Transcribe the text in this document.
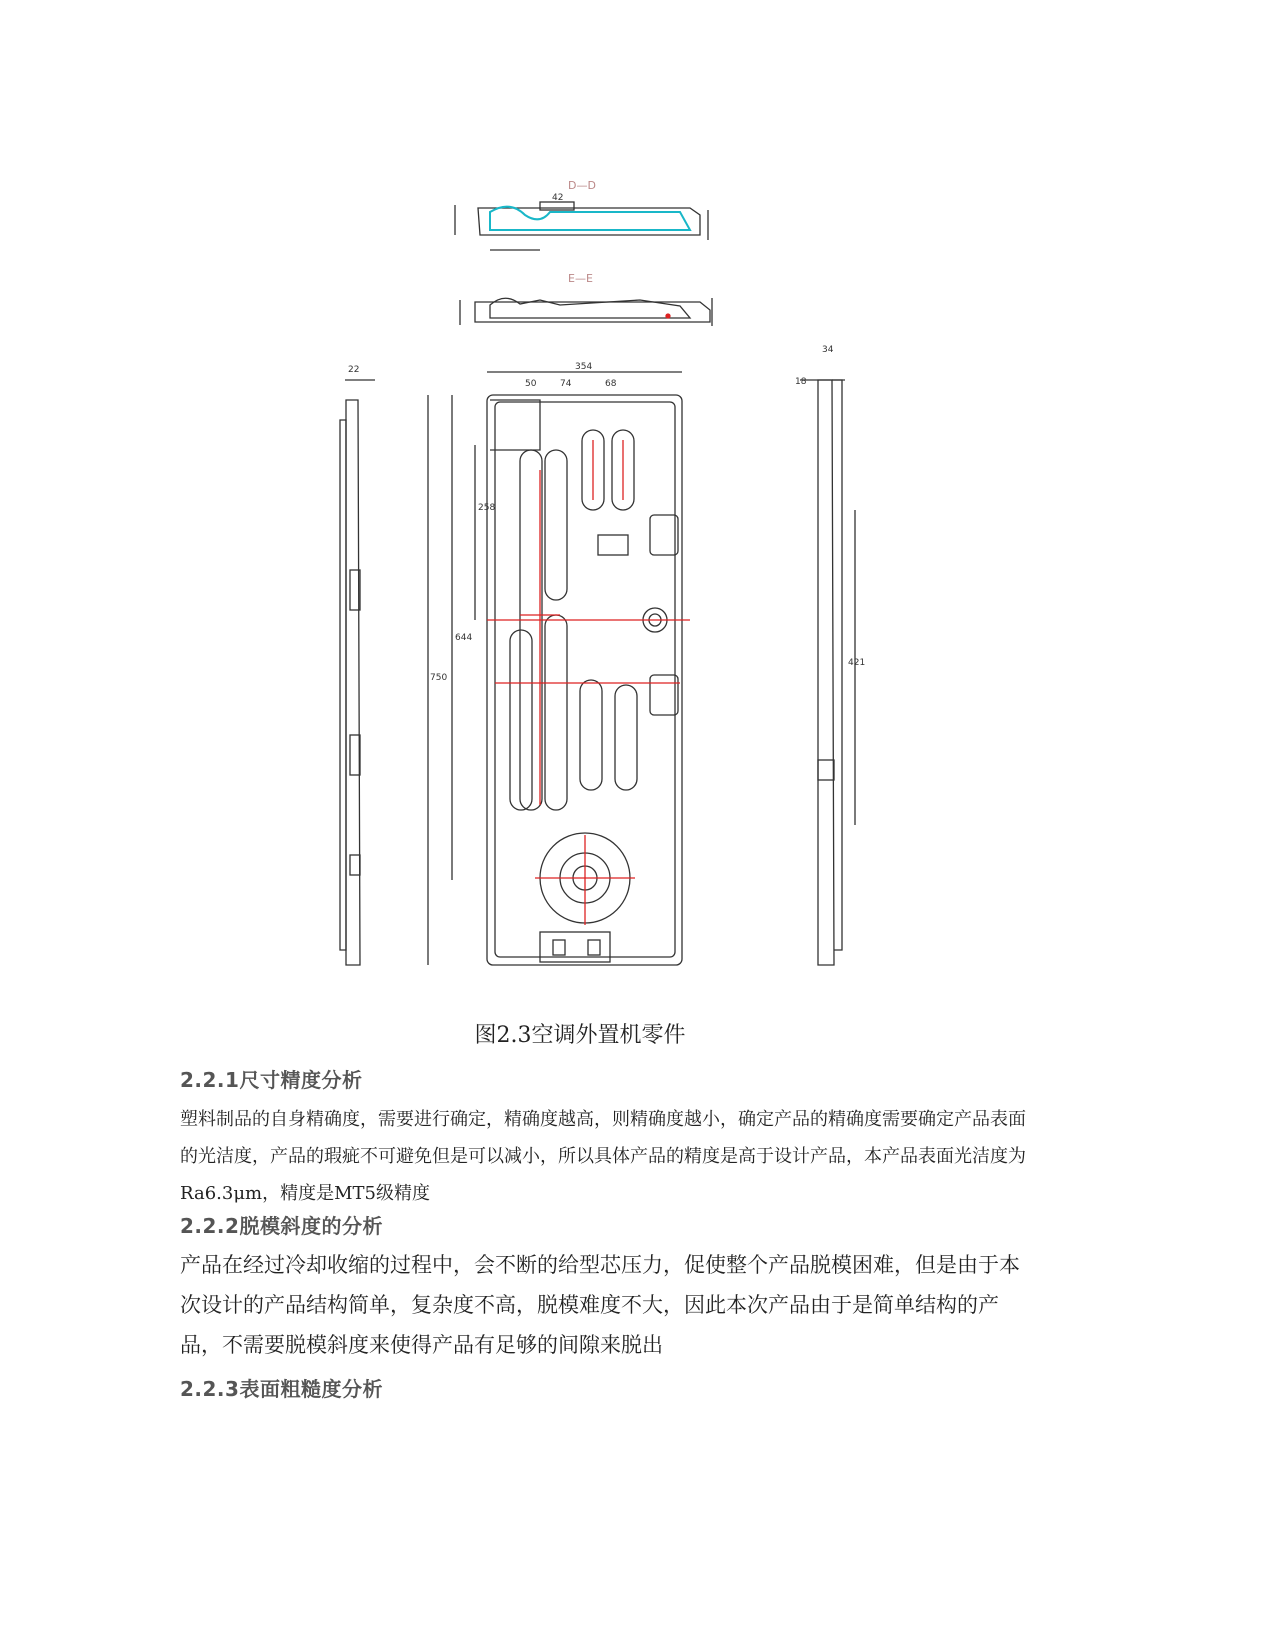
D—D
E—E
42
354
50	74	68
644
750
258
421
22
18
34
图2.3空调外置机零件
2.2.1尺寸精度分析

塑料制品的自身精确度，需要进行确定，精确度越高，则精确度越小，确定产品的精确度需要确定产品表面的光洁度，产品的瑕疵不可避免但是可以减小，所以具体产品的精度是高于设计产品，本产品表面光洁度为Ra6.3μm，精度是MT5级精度

2.2.2脱模斜度的分析

产品在经过冷却收缩的过程中，会不断的给型芯压力，促使整个产品脱模困难，但是由于本次设计的产品结构简单，复杂度不高，脱模难度不大，因此本次产品由于是简单结构的产品，不需要脱模斜度来使得产品有足够的间隙来脱出

2.2.3表面粗糙度分析
